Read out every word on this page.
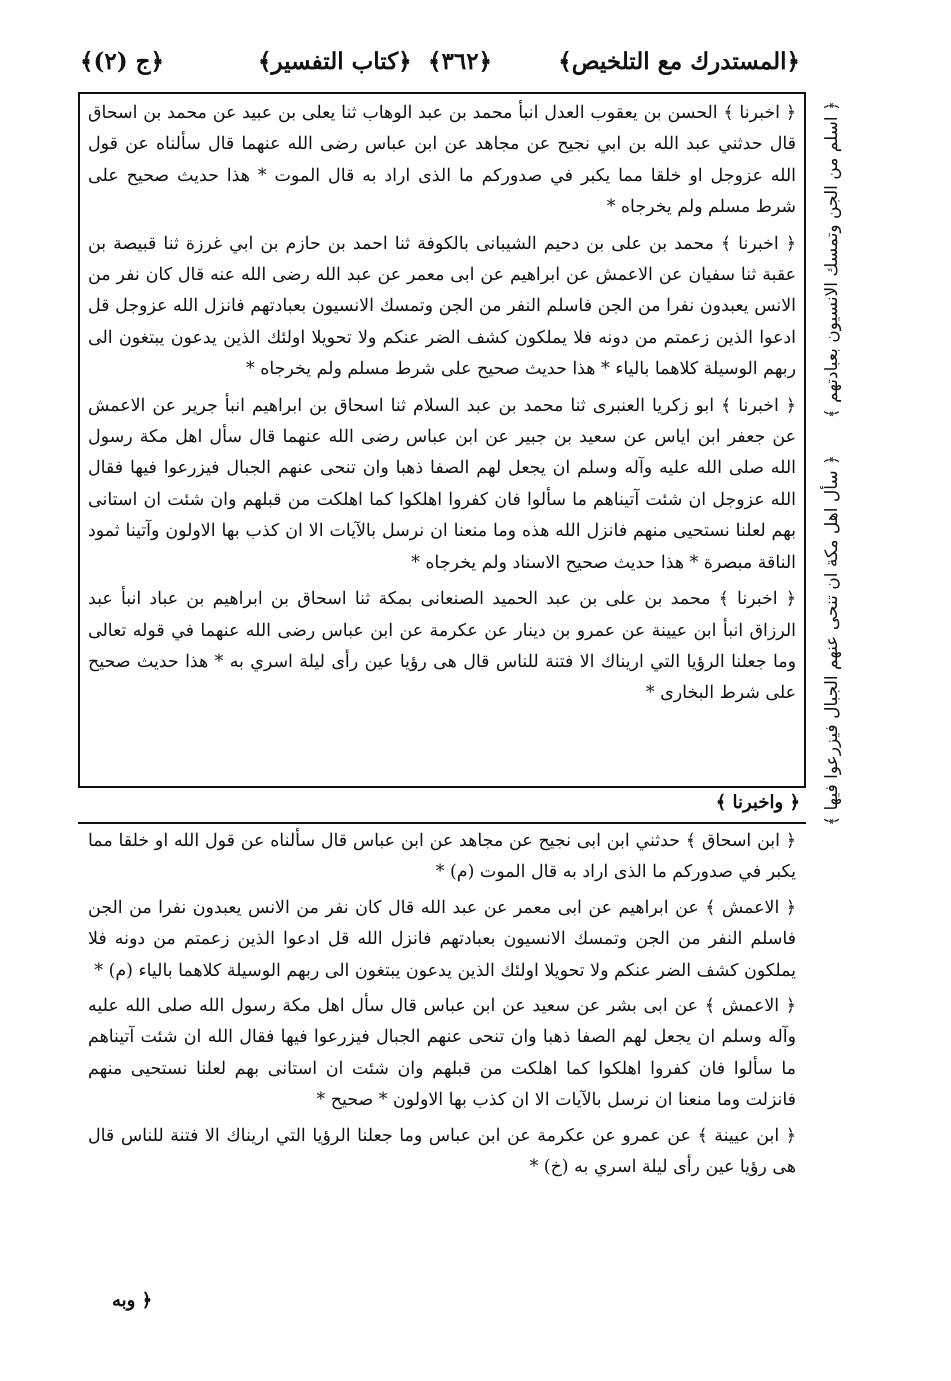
﴿المستدرك مع التلخيص﴾
﴿٣٦٢﴾
﴿كتاب التفسير﴾
﴿ج (٢)﴾

﴿ اخبرنا ﴾ الحسن بن يعقوب العدل انبأ محمد بن عبد الوهاب ثنا يعلى بن عبيد عن محمد بن اسحاق قال حدثني عبد الله بن ابي نجيح عن مجاهد عن ابن عباس رضى الله عنهما قال سألناه عن قول الله عزوجل او خلقا مما يكبر في صدوركم ما الذى اراد به قال الموت * هذا حديث صحيح على شرط مسلم ولم يخرجاه *

﴿ اخبرنا ﴾ محمد بن على بن دحيم الشيبانى بالكوفة ثنا احمد بن حازم بن ابي غرزة ثنا قبيصة بن عقبة ثنا سفيان عن الاعمش عن ابراهيم عن ابى معمر عن عبد الله رضى الله عنه قال كان نفر من الانس يعبدون نفرا من الجن فاسلم النفر من الجن وتمسك الانسيون بعبادتهم فانزل الله عزوجل قل ادعوا الذين زعمتم من دونه فلا يملكون كشف الضر عنكم ولا تحويلا اولئك الذين يدعون يبتغون الى ربهم الوسيلة كلاهما بالياء * هذا حديث صحيح على شرط مسلم ولم يخرجاه *

﴿ اخبرنا ﴾ ابو زكريا العنبرى ثنا محمد بن عبد السلام ثنا اسحاق بن ابراهيم انبأ جرير عن الاعمش عن جعفر ابن اياس عن سعيد بن جبير عن ابن عباس رضى الله عنهما قال سأل اهل مكة رسول الله صلى الله عليه وآله وسلم ان يجعل لهم الصفا ذهبا وان تنحى عنهم الجبال فيزرعوا فيها فقال الله عزوجل ان شئت آتيناهم ما سألوا فان كفروا اهلكوا كما اهلكت من قبلهم وان شئت ان استانى بهم لعلنا نستحيى منهم فانزل الله هذه وما منعنا ان نرسل بالآيات الا ان كذب بها الاولون وآتينا ثمود الناقة مبصرة * هذا حديث صحيح الاسناد ولم يخرجاه *

﴿ اخبرنا ﴾ محمد بن على بن عبد الحميد الصنعانى بمكة ثنا اسحاق بن ابراهيم بن عباد انبأ عبد الرزاق انبأ ابن عيينة عن عمرو بن دينار عن عكرمة عن ابن عباس رضى الله عنهما في قوله تعالى وما جعلنا الرؤيا التي اريناك الا فتنة للناس قال هى رؤيا عين رأى ليلة اسري به * هذا حديث صحيح على شرط البخارى *

﴿ واخبرنا ﴾

﴿ ابن اسحاق ﴾ حدثني ابن ابى نجيح عن مجاهد عن ابن عباس قال سألناه عن قول الله او خلقا مما يكبر في صدوركم ما الذى اراد به قال الموت (م) *

﴿ الاعمش ﴾ عن ابراهيم عن ابى معمر عن عبد الله قال كان نفر من الانس يعبدون نفرا من الجن فاسلم النفر من الجن وتمسك الانسيون بعبادتهم فانزل الله قل ادعوا الذين زعمتم من دونه فلا يملكون كشف الضر عنكم ولا تحويلا اولئك الذين يدعون يبتغون الى ربهم الوسيلة كلاهما بالياء (م) *

﴿ الاعمش ﴾ عن ابى بشر عن سعيد عن ابن عباس قال سأل اهل مكة رسول الله صلى الله عليه وآله وسلم ان يجعل لهم الصفا ذهبا وان تنحى عنهم الجبال فيزرعوا فيها فقال الله ان شئت آتيناهم ما سألوا فان كفروا اهلكوا كما اهلكت من قبلهم وان شئت ان استانى بهم لعلنا نستحيى منهم فانزلت وما منعنا ان نرسل بالآيات الا ان كذب بها الاولون * صحيح *

﴿ ابن عيينة ﴾ عن عمرو عن عكرمة عن ابن عباس وما جعلنا الرؤيا التي اريناك الا فتنة للناس قال هى رؤيا عين رأى ليلة اسري به (خ) *

﴿ اسلم من الجن وتمسك الانسيون بعبادتهم ﴾
﴿ سأل اهل مكة ان تنحى عنهم الجبال فيزرعوا فيها ﴾
﴿ وبه
